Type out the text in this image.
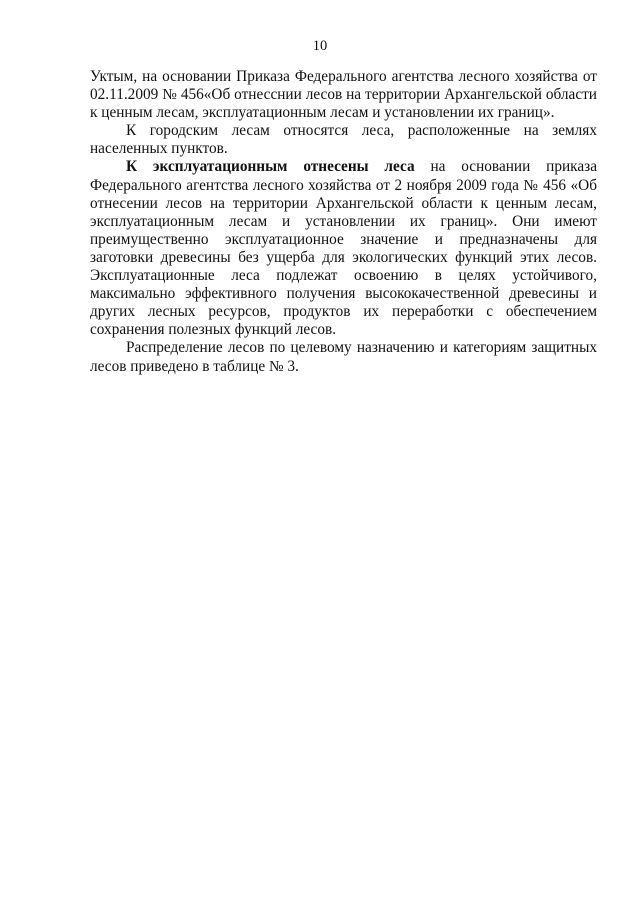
10
Уктым, на основании Приказа Федерального агентства лесного хозяйства от
02.11.2009 № 456«Об отнесснии лесов на территории Архангельской области
к ценным лесам, эксплуатационным лесам и установлении их границ».
К городским лесам относятся леса, расположенные на землях
населенных пунктов.
К эксплуатационным отнесены леса на основании приказа
Федерального агентства лесного хозяйства от 2 ноября 2009 года № 456 «Об
отнесении лесов на территории Архангельской области к ценным лесам,
эксплуатационным лесам и установлении их границ». Они имеют
преимущественно эксплуатационное значение и предназначены для
заготовки древесины без ущерба для экологических функций этих лесов.
Эксплуатационные леса подлежат освоению в целях устойчивого,
максимально эффективного получения высококачественной древесины и
других лесных ресурсов, продуктов их переработки с обеспечением
сохранения полезных функций лесов.
Распределение лесов по целевому назначению и категориям защитных
лесов приведено в таблице № 3.
